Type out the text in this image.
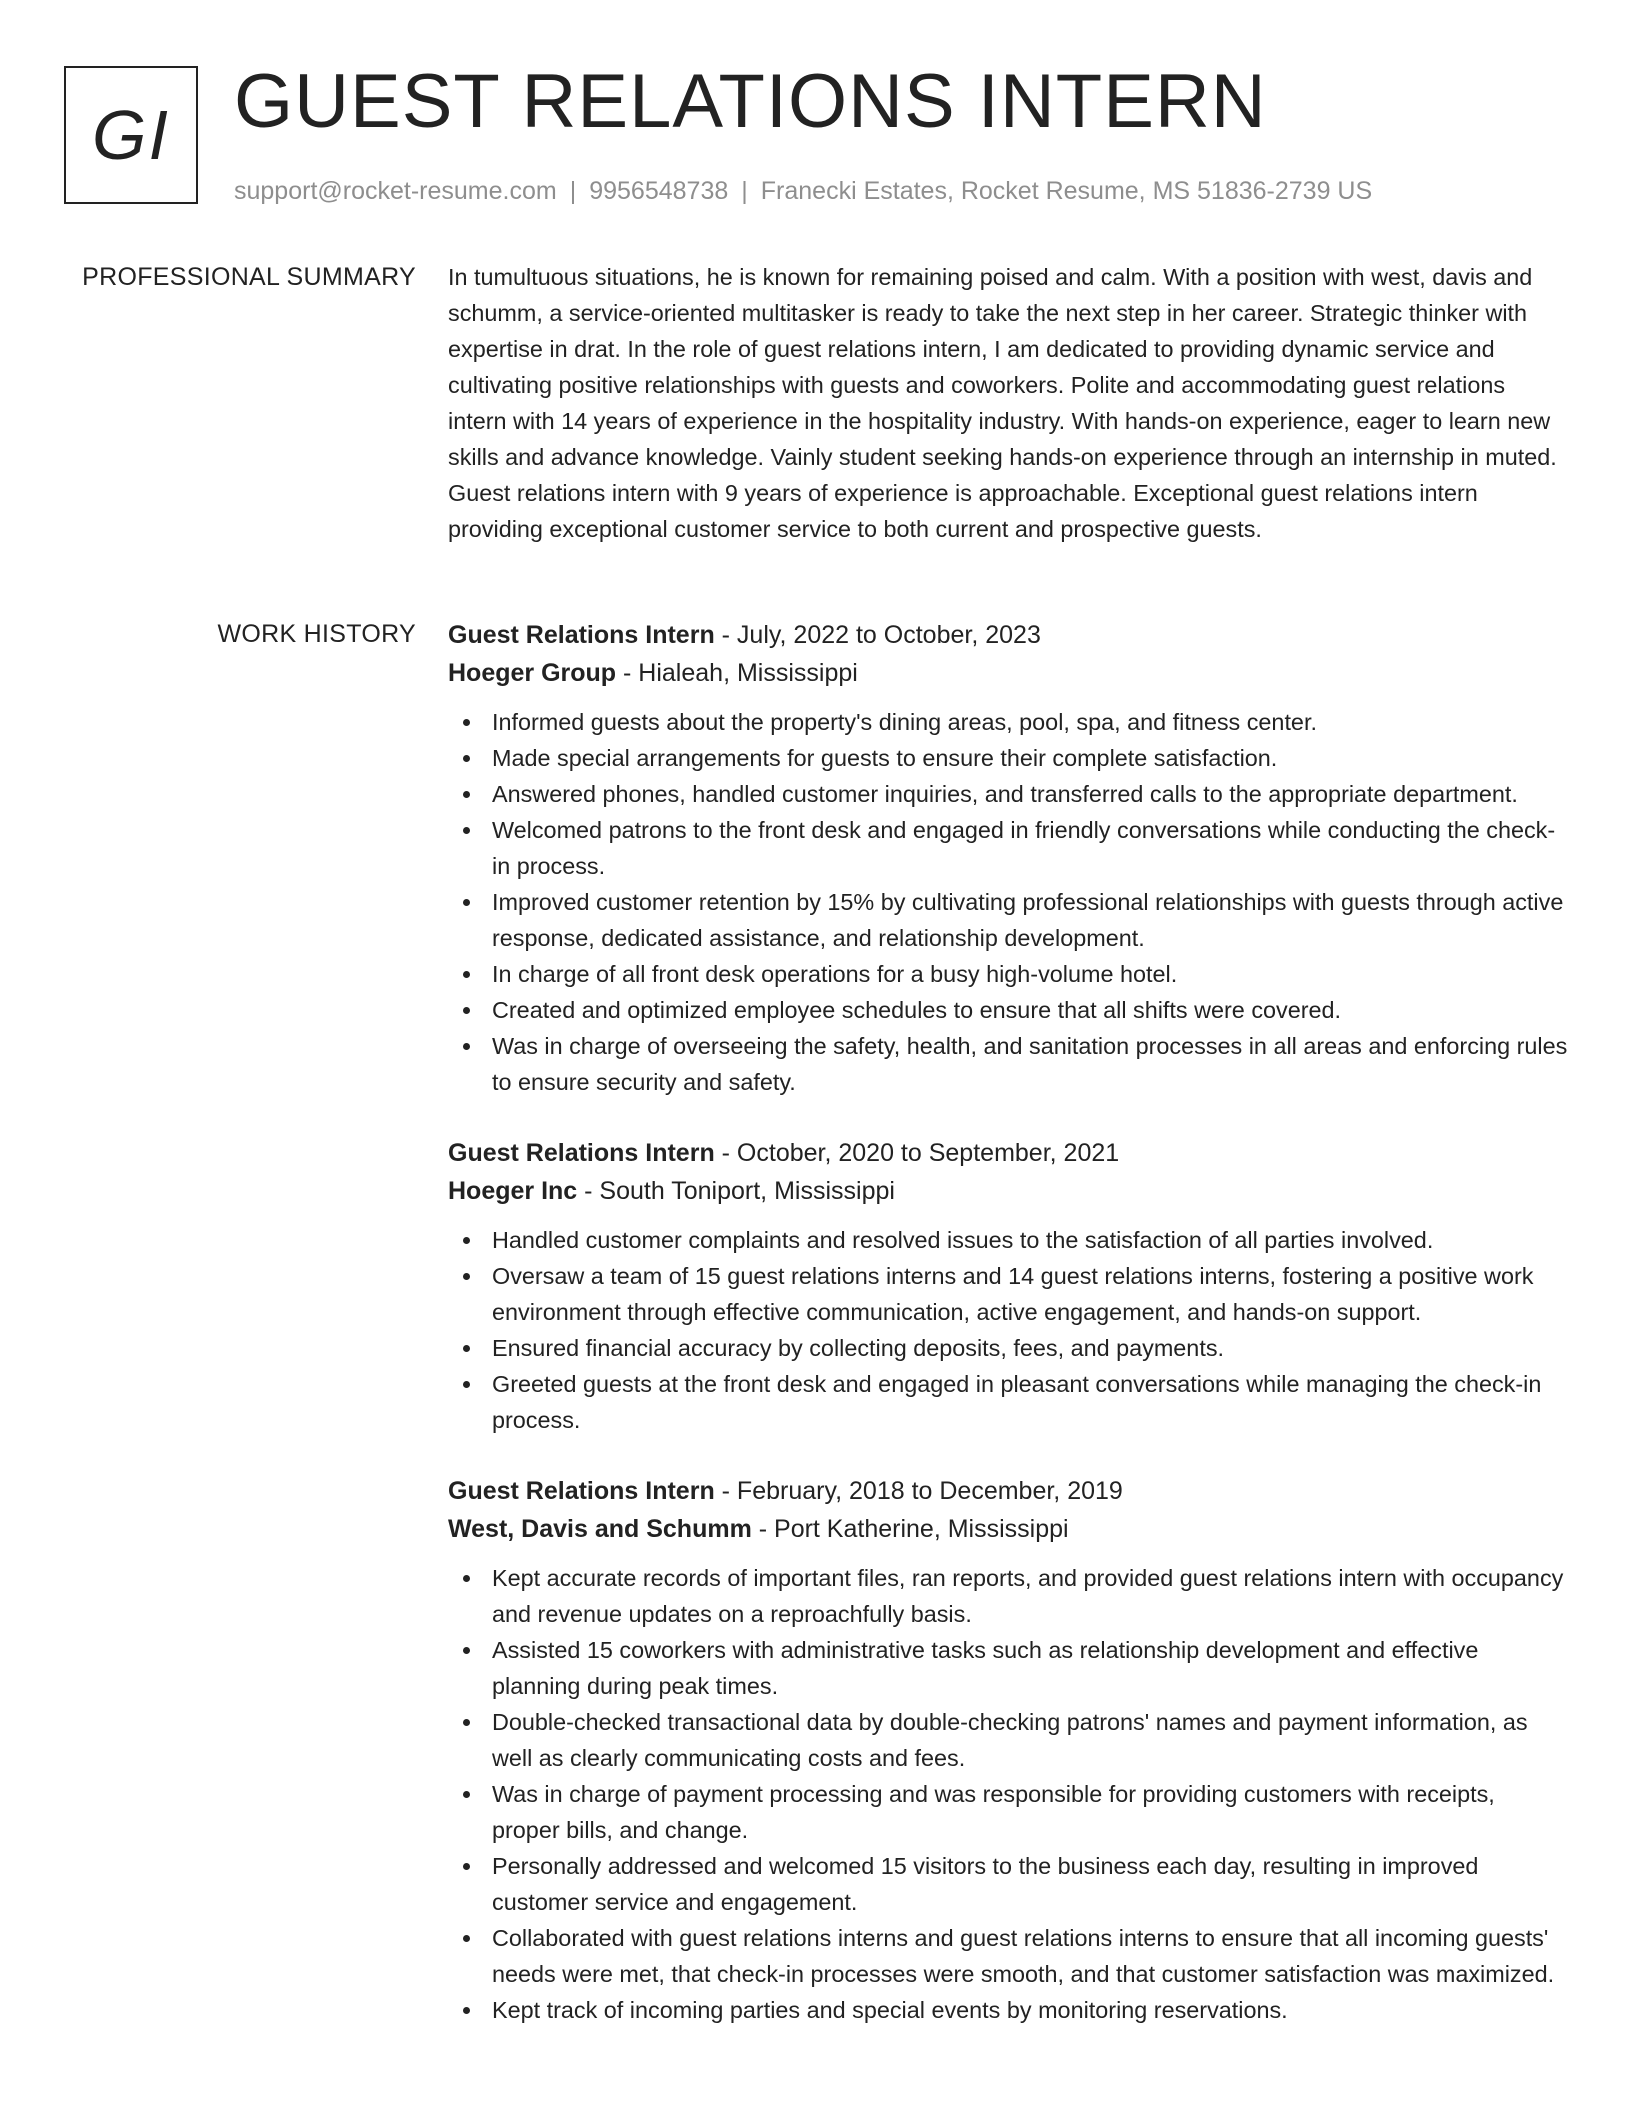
GI GUEST RELATIONS INTERN
support@rocket-resume.com | 9956548738 | Franecki Estates, Rocket Resume, MS 51836-2739 US
PROFESSIONAL SUMMARY In tumultuous situations, he is known for remaining poised and calm. With a position with west, davis and schumm, a service-oriented multitasker is ready to take the next step in her career. Strategic thinker with expertise in drat. In the role of guest relations intern, I am dedicated to providing dynamic service and cultivating positive relationships with guests and coworkers. Polite and accommodating guest relations intern with 14 years of experience in the hospitality industry. With hands-on experience, eager to learn new skills and advance knowledge. Vainly student seeking hands-on experience through an internship in muted. Guest relations intern with 9 years of experience is approachable. Exceptional guest relations intern providing exceptional customer service to both current and prospective guests.

WORK HISTORY Guest Relations Intern - July, 2022 to October, 2023
Hoeger Group - Hialeah, Mississippi
Informed guests about the property's dining areas, pool, spa, and fitness center.
Made special arrangements for guests to ensure their complete satisfaction.
Answered phones, handled customer inquiries, and transferred calls to the appropriate department.
Welcomed patrons to the front desk and engaged in friendly conversations while conducting the check-in process.
Improved customer retention by 15% by cultivating professional relationships with guests through active response, dedicated assistance, and relationship development.
In charge of all front desk operations for a busy high-volume hotel.
Created and optimized employee schedules to ensure that all shifts were covered.
Was in charge of overseeing the safety, health, and sanitation processes in all areas and enforcing rules to ensure security and safety.
Guest Relations Intern - October, 2020 to September, 2021
Hoeger Inc - South Toniport, Mississippi
Handled customer complaints and resolved issues to the satisfaction of all parties involved.
Oversaw a team of 15 guest relations interns and 14 guest relations interns, fostering a positive work environment through effective communication, active engagement, and hands-on support.
Ensured financial accuracy by collecting deposits, fees, and payments.
Greeted guests at the front desk and engaged in pleasant conversations while managing the check-in process.
Guest Relations Intern - February, 2018 to December, 2019
West, Davis and Schumm - Port Katherine, Mississippi
Kept accurate records of important files, ran reports, and provided guest relations intern with occupancy and revenue updates on a reproachfully basis.
Assisted 15 coworkers with administrative tasks such as relationship development and effective planning during peak times.
Double-checked transactional data by double-checking patrons' names and payment information, as well as clearly communicating costs and fees.
Was in charge of payment processing and was responsible for providing customers with receipts, proper bills, and change.
Personally addressed and welcomed 15 visitors to the business each day, resulting in improved customer service and engagement.
Collaborated with guest relations interns and guest relations interns to ensure that all incoming guests' needs were met, that check-in processes were smooth, and that customer satisfaction was maximized.
Kept track of incoming parties and special events by monitoring reservations.
